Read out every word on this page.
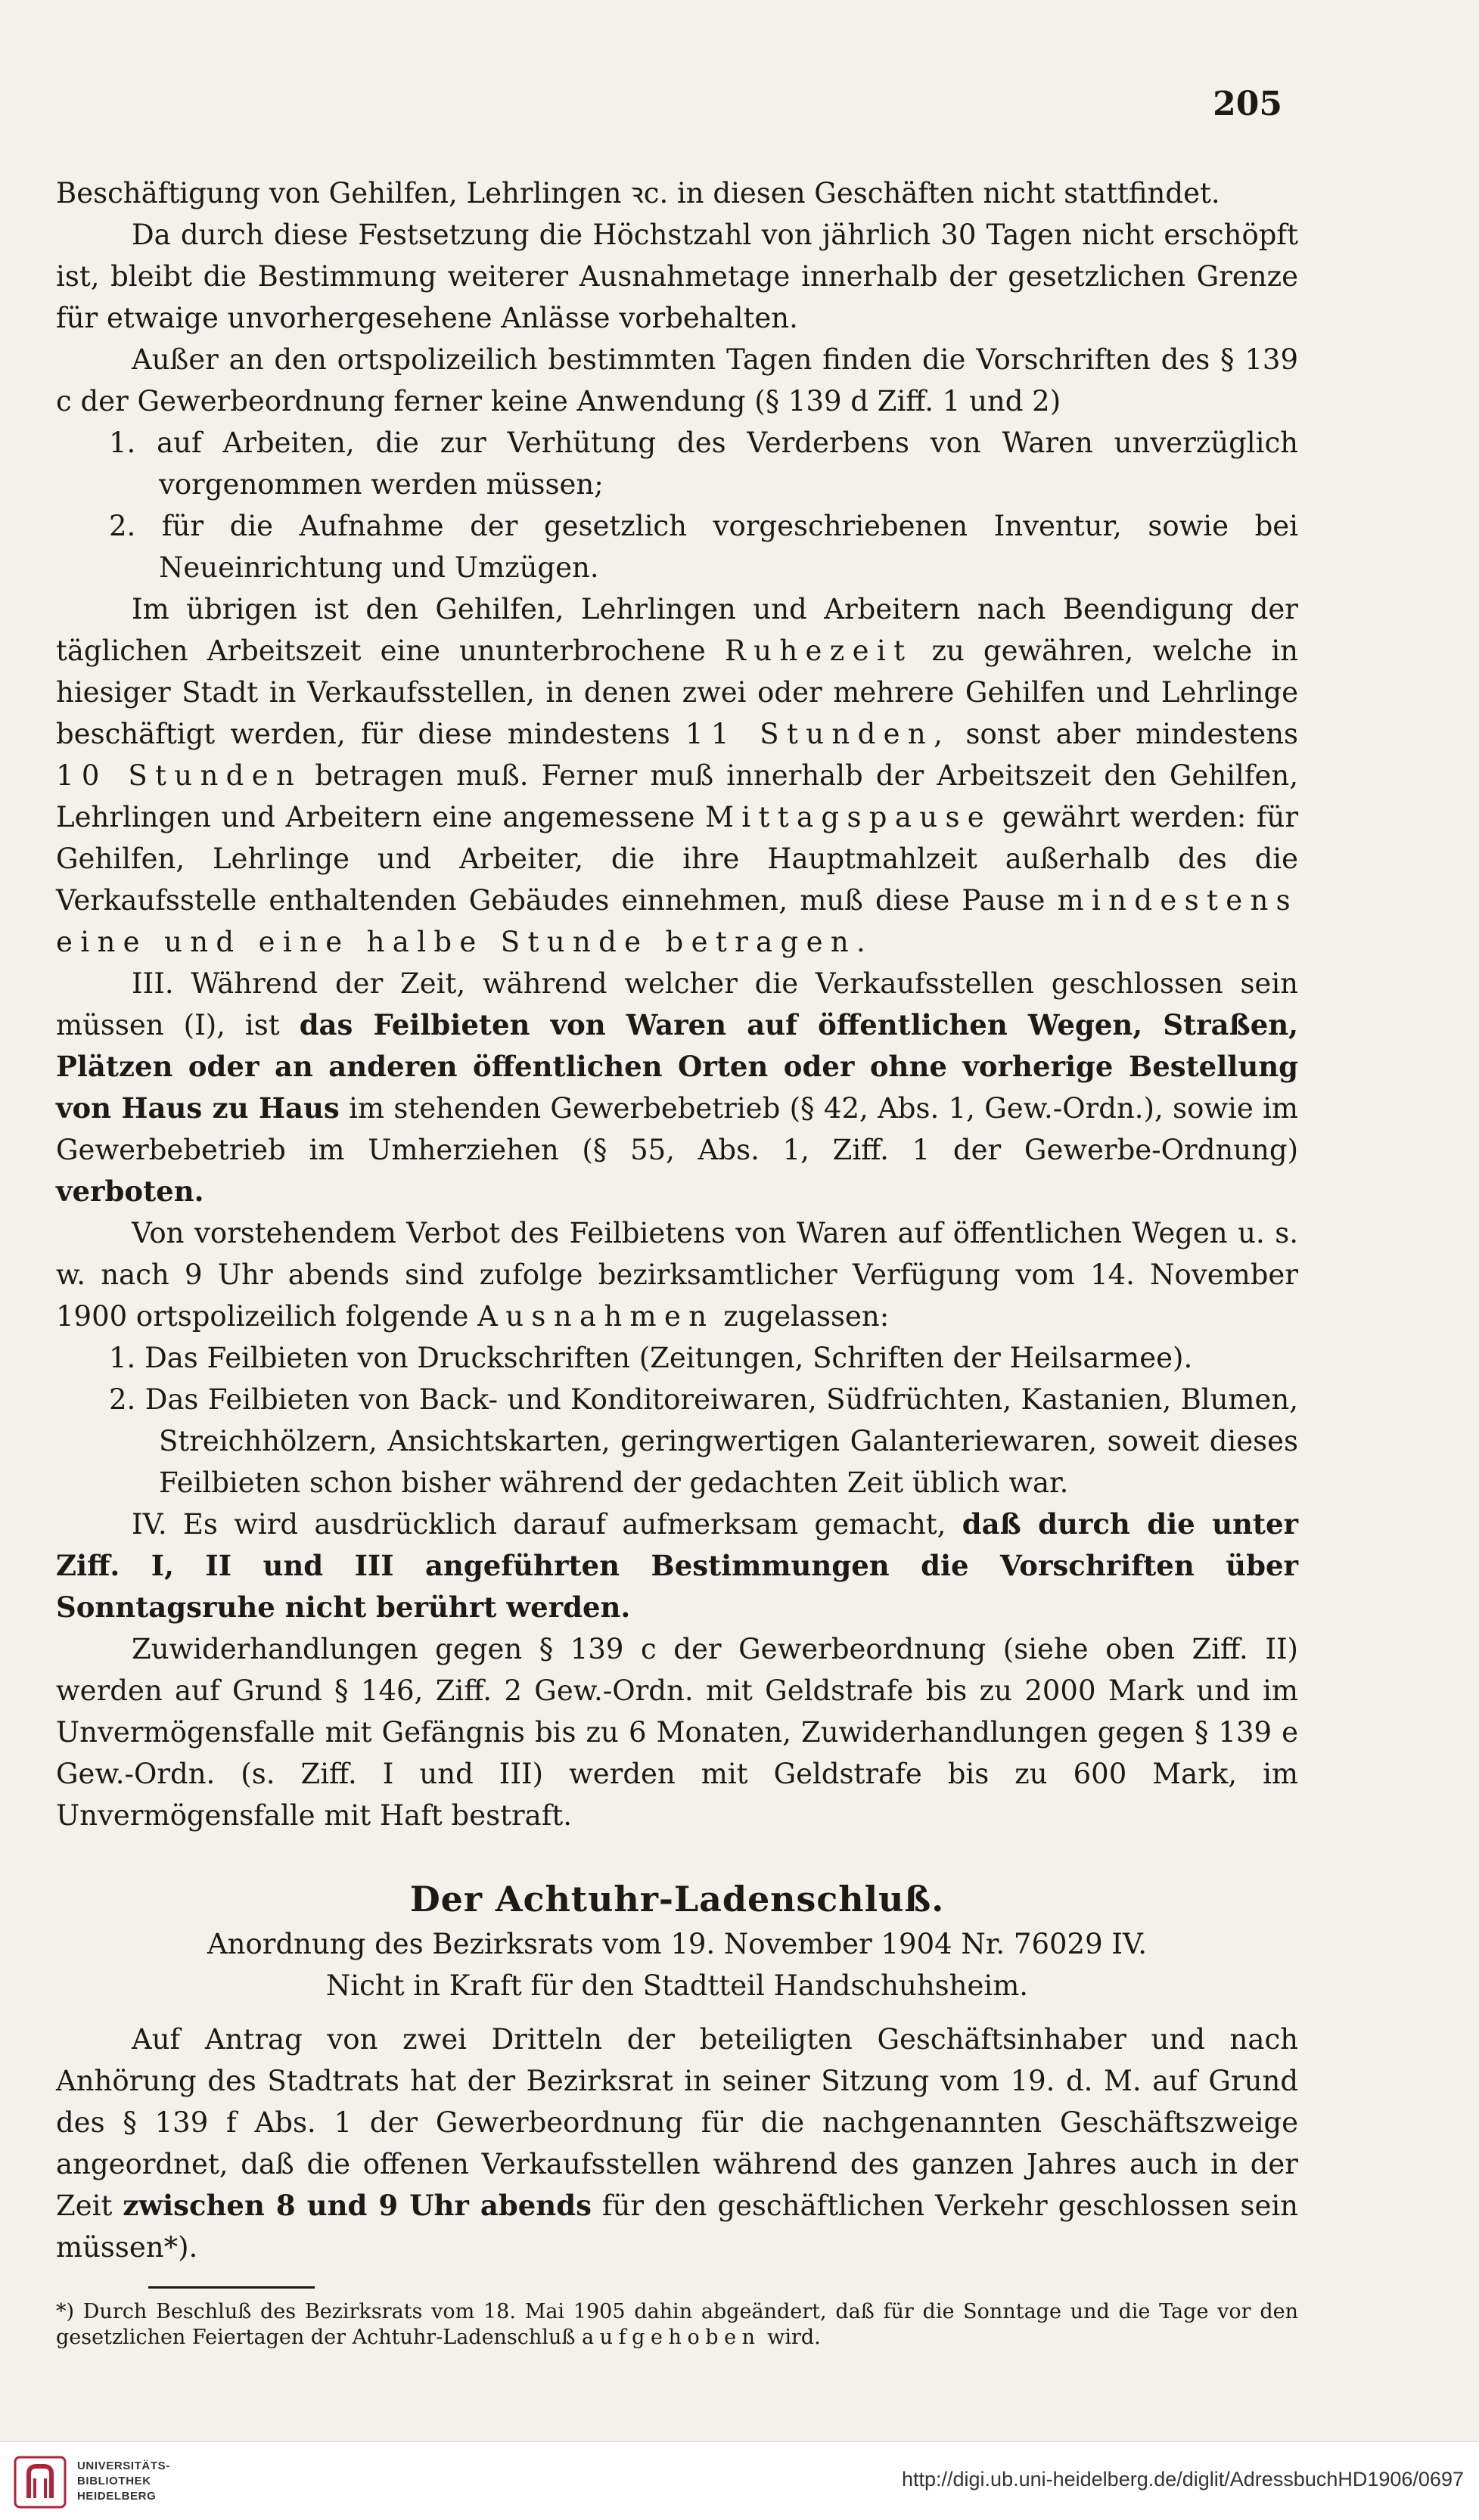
205

Beschäftigung von Gehilfen, Lehrlingen ꝛc. in diesen Geschäften nicht stattfindet.

Da durch diese Festsetzung die Höchstzahl von jährlich 30 Tagen nicht erschöpft ist, bleibt die Bestimmung weiterer Ausnahmetage innerhalb der gesetzlichen Grenze für etwaige unvorhergesehene Anlässe vorbehalten.

Außer an den ortspolizeilich bestimmten Tagen finden die Vorschriften des § 139 c der Gewerbeordnung ferner keine Anwendung (§ 139 d Ziff. 1 und 2)

1. auf Arbeiten, die zur Verhütung des Verderbens von Waren unverzüglich vorgenommen werden müssen;

2. für die Aufnahme der gesetzlich vorgeschriebenen Inventur, sowie bei Neueinrichtung und Umzügen.

Im übrigen ist den Gehilfen, Lehrlingen und Arbeitern nach Beendigung der täglichen Arbeitszeit eine ununterbrochene Ruhezeit zu gewähren, welche in hiesiger Stadt in Verkaufsstellen, in denen zwei oder mehrere Gehilfen und Lehrlinge beschäftigt werden, für diese mindestens 11 Stunden, sonst aber mindestens 10 Stunden betragen muß. Ferner muß innerhalb der Arbeitszeit den Gehilfen, Lehrlingen und Arbeitern eine angemessene Mittagspause gewährt werden: für Gehilfen, Lehrlinge und Arbeiter, die ihre Hauptmahlzeit außerhalb des die Verkaufsstelle enthaltenden Gebäudes einnehmen, muß diese Pause mindestens eine und eine halbe Stunde betragen.

III. Während der Zeit, während welcher die Verkaufsstellen geschlossen sein müssen (I), ist das Feilbieten von Waren auf öffentlichen Wegen, Straßen, Plätzen oder an anderen öffentlichen Orten oder ohne vorherige Bestellung von Haus zu Haus im stehenden Gewerbebetrieb (§ 42, Abs. 1, Gew.-Ordn.), sowie im Gewerbebetrieb im Umherziehen (§ 55, Abs. 1, Ziff. 1 der Gewerbe-Ordnung) verboten.

Von vorstehendem Verbot des Feilbietens von Waren auf öffentlichen Wegen u. s. w. nach 9 Uhr abends sind zufolge bezirksamtlicher Verfügung vom 14. November 1900 ortspolizeilich folgende Ausnahmen zugelassen:

1. Das Feilbieten von Druckschriften (Zeitungen, Schriften der Heilsarmee).

2. Das Feilbieten von Back- und Konditoreiwaren, Südfrüchten, Kastanien, Blumen, Streichhölzern, Ansichtskarten, geringwertigen Galanteriewaren, soweit dieses Feilbieten schon bisher während der gedachten Zeit üblich war.

IV. Es wird ausdrücklich darauf aufmerksam gemacht, daß durch die unter Ziff. I, II und III angeführten Bestimmungen die Vorschriften über Sonntagsruhe nicht berührt werden.

Zuwiderhandlungen gegen § 139 c der Gewerbeordnung (siehe oben Ziff. II) werden auf Grund § 146, Ziff. 2 Gew.-Ordn. mit Geldstrafe bis zu 2000 Mark und im Unvermögensfalle mit Gefängnis bis zu 6 Monaten, Zuwiderhandlungen gegen § 139 e Gew.-Ordn. (s. Ziff. I und III) werden mit Geldstrafe bis zu 600 Mark, im Unvermögensfalle mit Haft bestraft.

Der Achtuhr-Ladenschluß.

Anordnung des Bezirksrats vom 19. November 1904 Nr. 76029 IV.

Nicht in Kraft für den Stadtteil Handschuhsheim.

Auf Antrag von zwei Dritteln der beteiligten Geschäftsinhaber und nach Anhörung des Stadtrats hat der Bezirksrat in seiner Sitzung vom 19. d. M. auf Grund des § 139 f Abs. 1 der Gewerbeordnung für die nachgenannten Geschäftszweige angeordnet, daß die offenen Verkaufsstellen während des ganzen Jahres auch in der Zeit zwischen 8 und 9 Uhr abends für den geschäftlichen Verkehr geschlossen sein müssen*).

*) Durch Beschluß des Bezirksrats vom 18. Mai 1905 dahin abgeändert, daß für die Sonntage und die Tage vor den gesetzlichen Feiertagen der Achtuhr-Ladenschluß aufgehoben wird.

UNIVERSITÄTS-
BIBLIOTHEK
HEIDELBERG
http://digi.ub.uni-heidelberg.de/diglit/AdressbuchHD1906/0697
